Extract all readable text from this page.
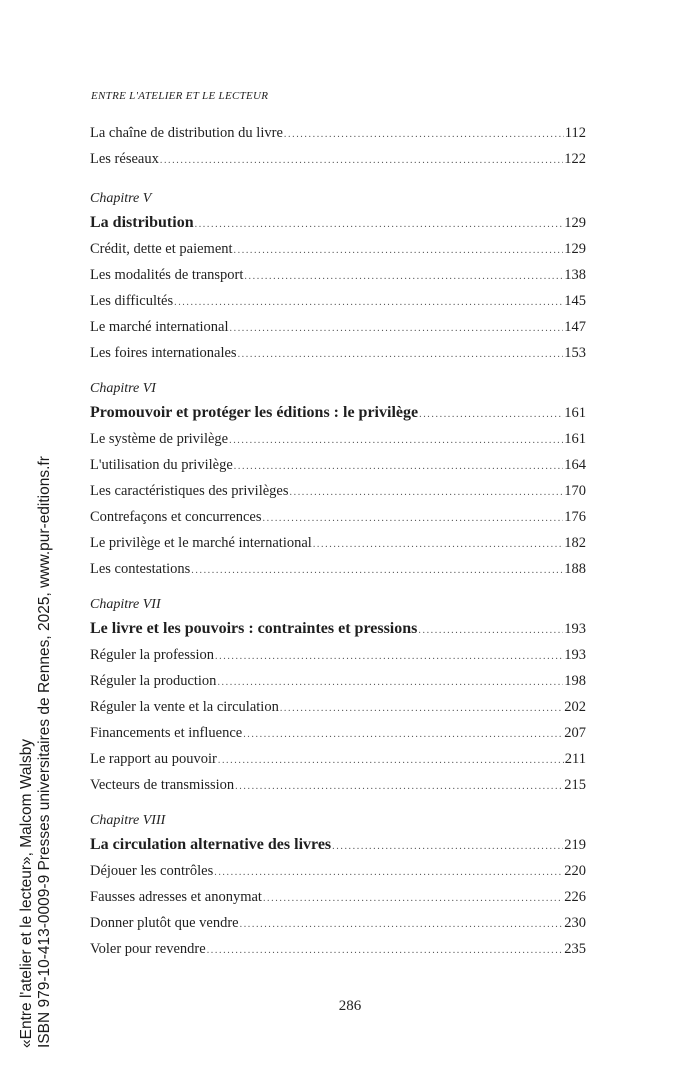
ENTRE L'ATELIER ET LE LECTEUR
La chaîne de distribution du livre .....	112
Les réseaux .....	122
Chapitre V
La distribution .....	129
Crédit, dette et paiement .....	129
Les modalités de transport .....	138
Les difficultés .....	145
Le marché international .....	147
Les foires internationales .....	153
Chapitre VI
Promouvoir et protéger les éditions : le privilège .....	161
Le système de privilège .....	161
L'utilisation du privilège .....	164
Les caractéristiques des privilèges .....	170
Contrefaçons et concurrences .....	176
Le privilège et le marché international .....	182
Les contestations .....	188
Chapitre VII
Le livre et les pouvoirs : contraintes et pressions .....	193
Réguler la profession .....	193
Réguler la production .....	198
Réguler la vente et la circulation .....	202
Financements et influence .....	207
Le rapport au pouvoir .....	211
Vecteurs de transmission .....	215
Chapitre VIII
La circulation alternative des livres .....	219
Déjouer les contrôles .....	220
Fausses adresses et anonymat .....	226
Donner plutôt que vendre .....	230
Voler pour revendre .....	235
286
«Entre l'atelier et le lecteur», Malcom Walsby ISBN 979-10-413-0009-9 Presses universitaires de Rennes, 2025, www.pur-editions.fr
